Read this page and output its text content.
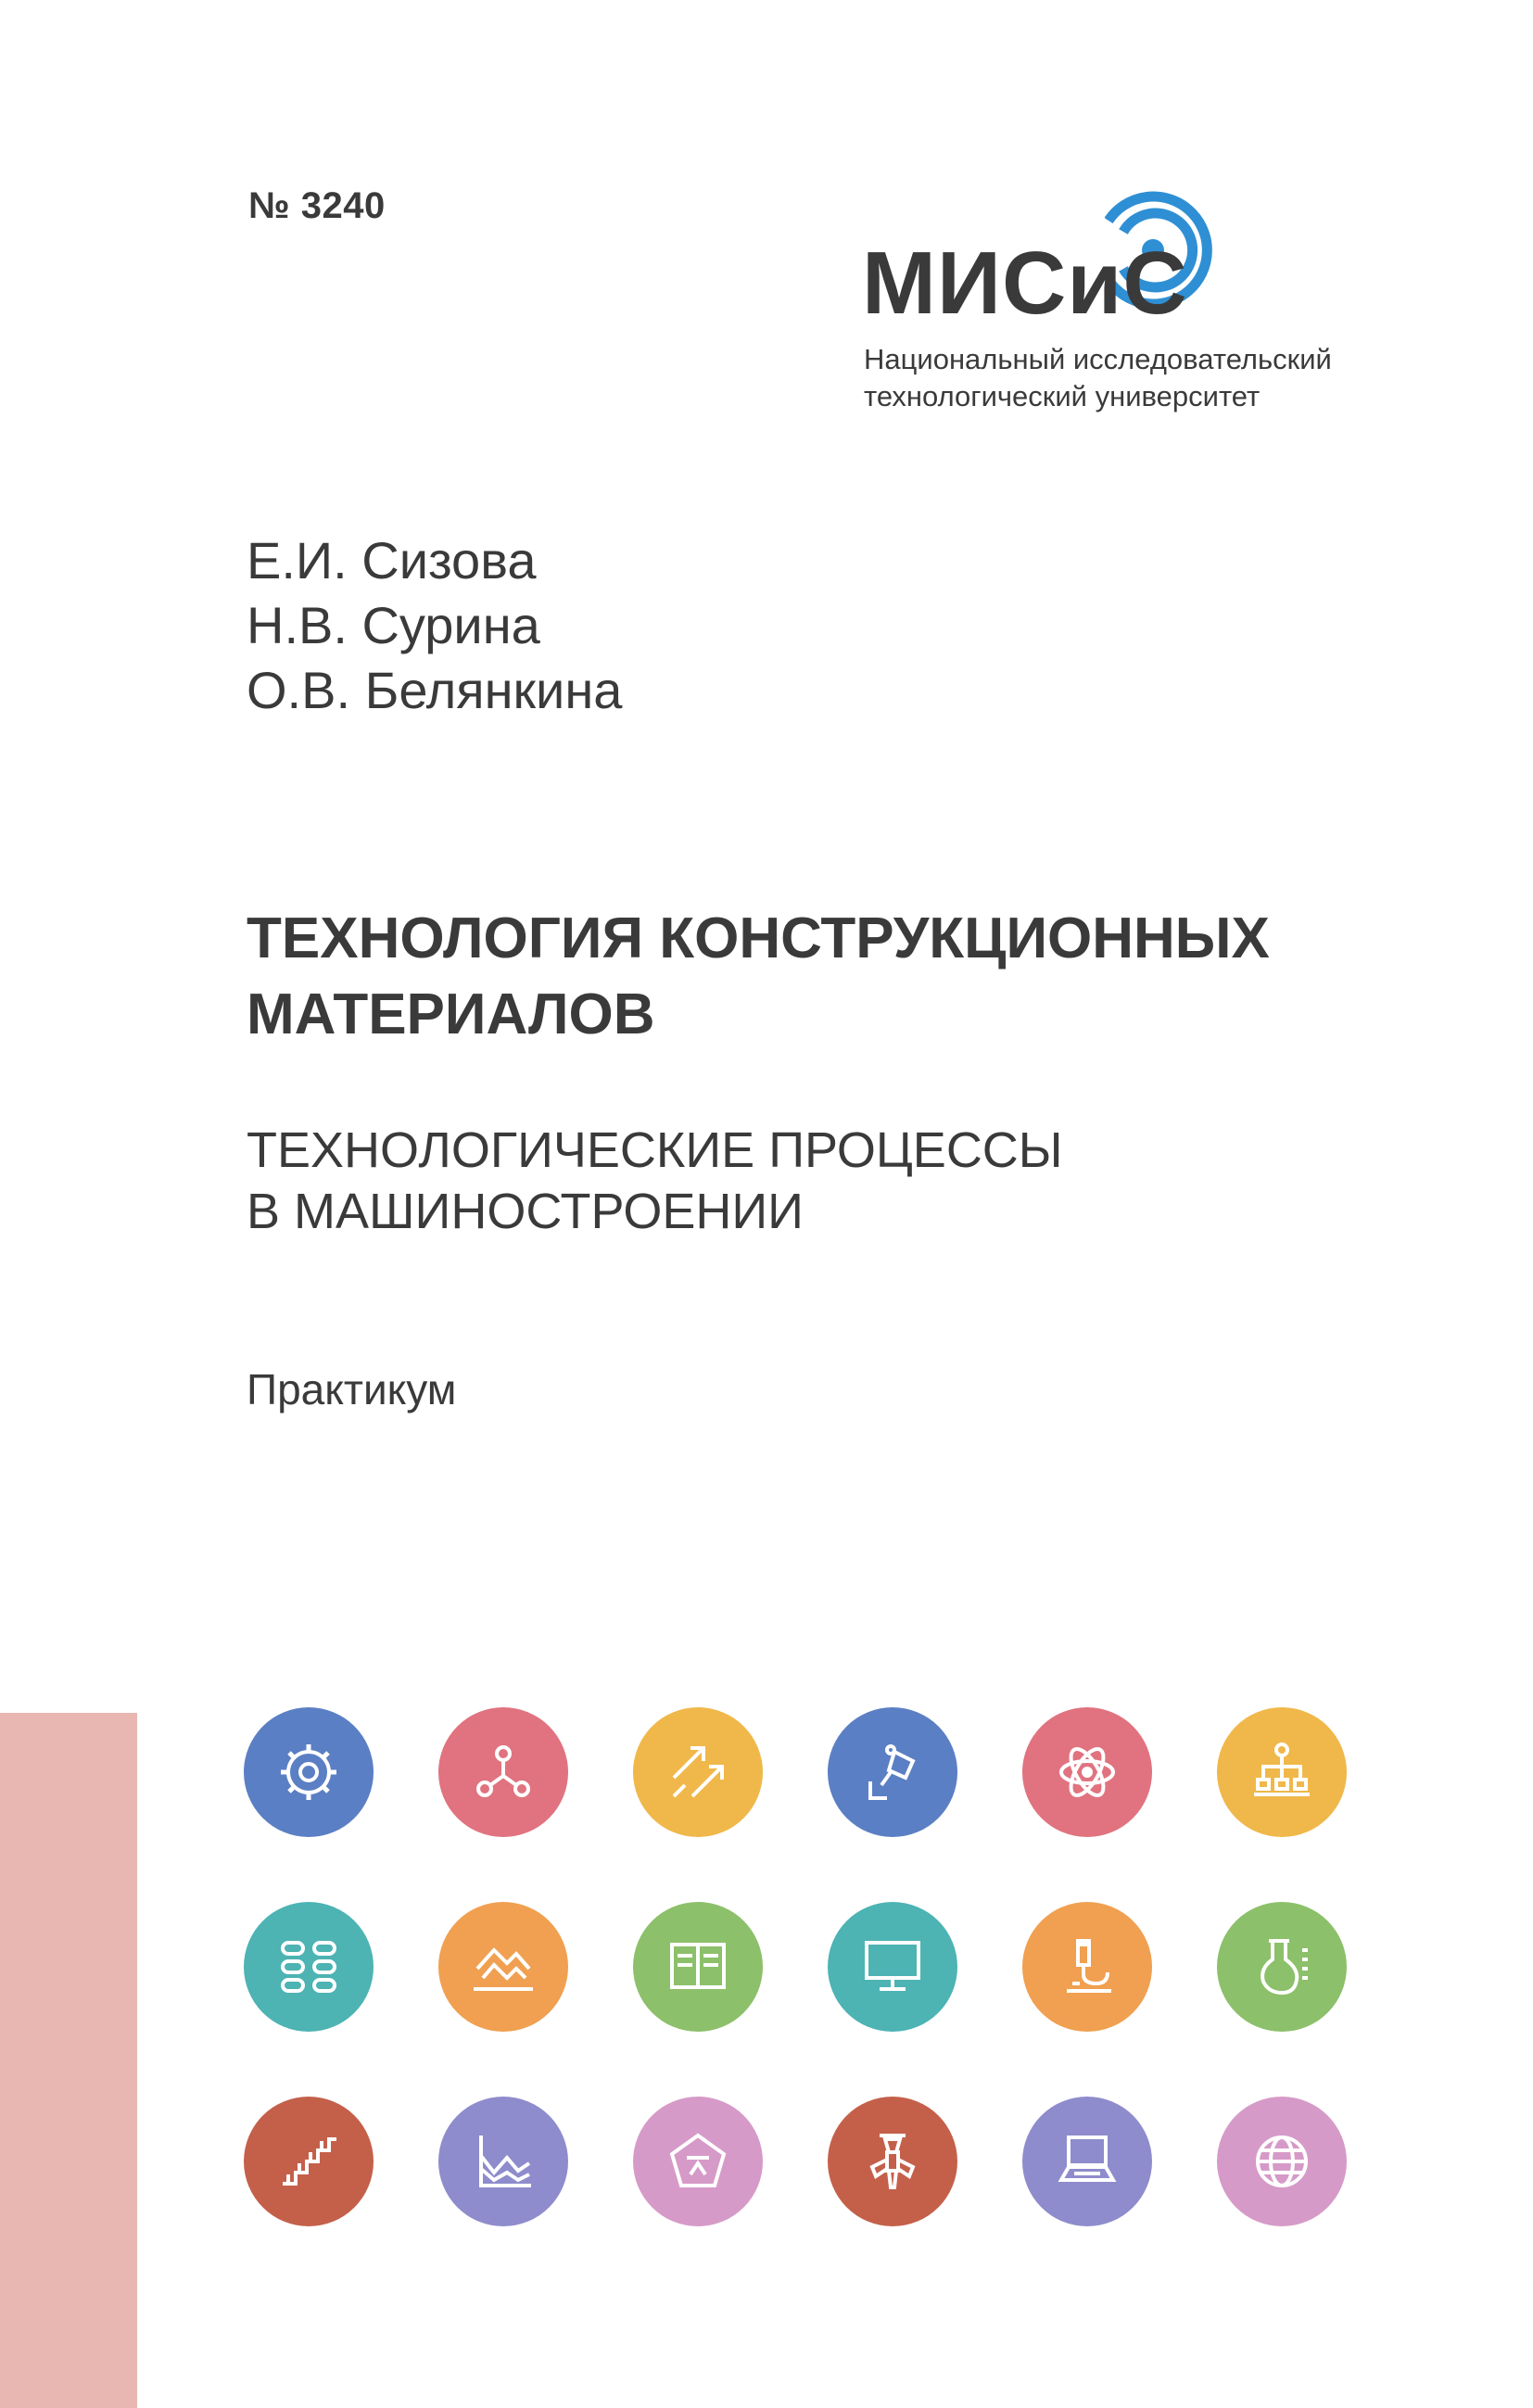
№ 3240
МИСиС
Национальный исследовательский
технологический университет
Е.И. Сизова
Н.В. Сурина
О.В. Белянкина
ТЕХНОЛОГИЯ КОНСТРУКЦИОННЫХ
МАТЕРИАЛОВ
ТЕХНОЛОГИЧЕСКИЕ ПРОЦЕССЫ
В МАШИНОСТРОЕНИИ
Практикум
